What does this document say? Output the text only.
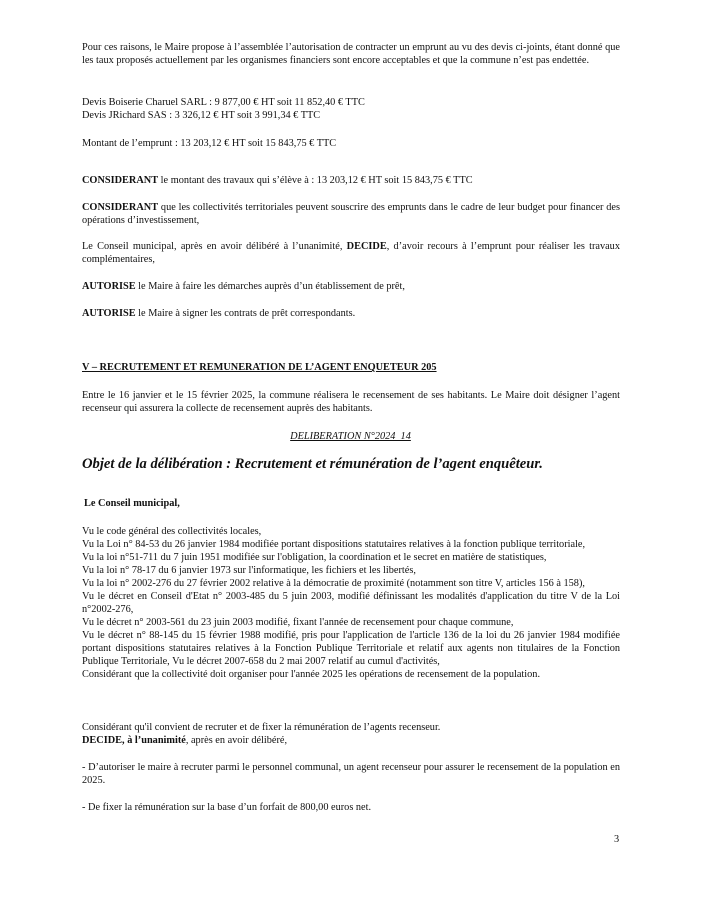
Pour ces raisons, le Maire propose à l’assemblée l’autorisation de contracter un emprunt au vu des devis ci-joints, étant donné que les taux proposés actuellement par les organismes financiers sont encore acceptables et que la commune n’est pas endettée.

Devis Boiserie Charuel SARL : 9 877,00 € HT soit 11 852,40 € TTC
Devis JRichard SAS : 3 326,12 € HT soit 3 991,34 € TTC
Montant de l’emprunt : 13 203,12 € HT soit 15 843,75 € TTC
CONSIDERANT le montant des travaux qui s’élève à : 13 203,12 € HT soit 15 843,75 € TTC

CONSIDERANT que les collectivités territoriales peuvent souscrire des emprunts dans le cadre de leur budget pour financer des opérations d’investissement,

Le Conseil municipal, après en avoir délibéré à l’unanimité, DECIDE, d’avoir recours à l’emprunt pour réaliser les travaux complémentaires,

AUTORISE le Maire à faire les démarches auprès d’un établissement de prêt,
AUTORISE le Maire à signer les contrats de prêt correspondants.

V – RECRUTEMENT ET REMUNERATION DE L’AGENT ENQUETEUR 205

Entre le 16 janvier et le 15 février 2025, la commune réalisera le recensement de ses habitants. Le Maire doit désigner l’agent recenseur qui assurera la collecte de recensement auprès des habitants.

DELIBERATION N°2024_14

Objet de la délibération : Recrutement et rémunération de l’agent enquêteur.

Le Conseil municipal,

Vu le code général des collectivités locales,

Vu la Loi n° 84-53 du 26 janvier 1984 modifiée portant dispositions statutaires relatives à la fonction publique territoriale,

Vu la loi n°51-711 du 7 juin 1951 modifiée sur l'obligation, la coordination et le secret en matière de statistiques,

Vu la loi n° 78-17 du 6 janvier 1973 sur l'informatique, les fichiers et les libertés,

Vu la loi n° 2002-276 du 27 février 2002 relative à la démocratie de proximité (notamment son titre V, articles 156 à 158),

Vu le décret en Conseil d'Etat n° 2003-485 du 5 juin 2003, modifié définissant les modalités d'application du titre V de la Loi n°2002-276,

Vu le décret n° 2003-561 du 23 juin 2003 modifié, fixant l'année de recensement pour chaque commune,

Vu le décret n° 88-145 du 15 février 1988 modifié, pris pour l'application de l'article 136 de la loi du 26 janvier 1984 modifiée portant dispositions statutaires relatives à la Fonction Publique Territoriale et relatif aux agents non titulaires de la Fonction Publique Territoriale, Vu le décret 2007-658 du 2 mai 2007 relatif au cumul d'activités,

Considérant que la collectivité doit organiser pour l'année 2025 les opérations de recensement de la population.

Considérant qu'il convient de recruter et de fixer la rémunération de l’agents recenseur.
DECIDE, à l’unanimité, après en avoir délibéré,

- D’autoriser le maire à recruter parmi le personnel communal, un agent recenseur pour assurer le recensement de la population en 2025.

- De fixer la rémunération sur la base d’un forfait de 800,00 euros net.

3
